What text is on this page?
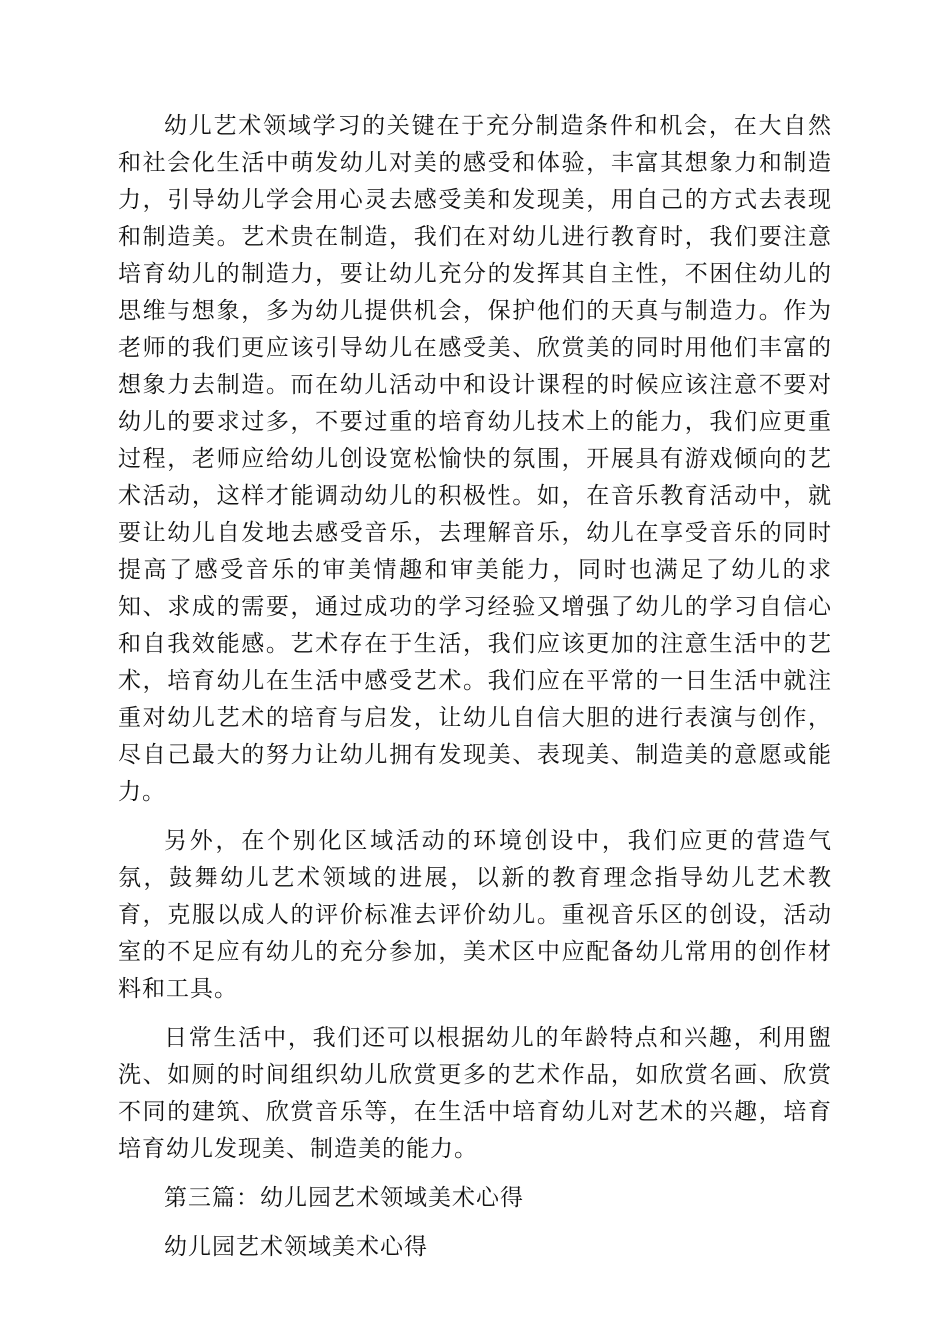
幼儿艺术领域学习的关键在于充分制造条件和机会，在大自然和社会化生活中萌发幼儿对美的感受和体验，丰富其想象力和制造力，引导幼儿学会用心灵去感受美和发现美，用自己的方式去表现和制造美。艺术贵在制造，我们在对幼儿进行教育时，我们要注意培育幼儿的制造力，要让幼儿充分的发挥其自主性，不困住幼儿的思维与想象，多为幼儿提供机会，保护他们的天真与制造力。作为老师的我们更应该引导幼儿在感受美、欣赏美的同时用他们丰富的想象力去制造。而在幼儿活动中和设计课程的时候应该注意不要对幼儿的要求过多，不要过重的培育幼儿技术上的能力，我们应更重过程，老师应给幼儿创设宽松愉快的氛围，开展具有游戏倾向的艺术活动，这样才能调动幼儿的积极性。如，在音乐教育活动中，就要让幼儿自发地去感受音乐，去理解音乐，幼儿在享受音乐的同时提高了感受音乐的审美情趣和审美能力，同时也满足了幼儿的求知、求成的需要，通过成功的学习经验又增强了幼儿的学习自信心和自我效能感。艺术存在于生活，我们应该更加的注意生活中的艺术，培育幼儿在生活中感受艺术。我们应在平常的一日生活中就注重对幼儿艺术的培育与启发，让幼儿自信大胆的进行表演与创作，尽自己最大的努力让幼儿拥有发现美、表现美、制造美的意愿或能力。

另外，在个别化区域活动的环境创设中，我们应更的营造气氛，鼓舞幼儿艺术领域的进展，以新的教育理念指导幼儿艺术教育，克服以成人的评价标准去评价幼儿。重视音乐区的创设，活动室的不足应有幼儿的充分参加，美术区中应配备幼儿常用的创作材料和工具。

日常生活中，我们还可以根据幼儿的年龄特点和兴趣，利用盥洗、如厕的时间组织幼儿欣赏更多的艺术作品，如欣赏名画、欣赏不同的建筑、欣赏音乐等，在生活中培育幼儿对艺术的兴趣，培育培育幼儿发现美、制造美的能力。

第三篇：幼儿园艺术领域美术心得

幼儿园艺术领域美术心得
